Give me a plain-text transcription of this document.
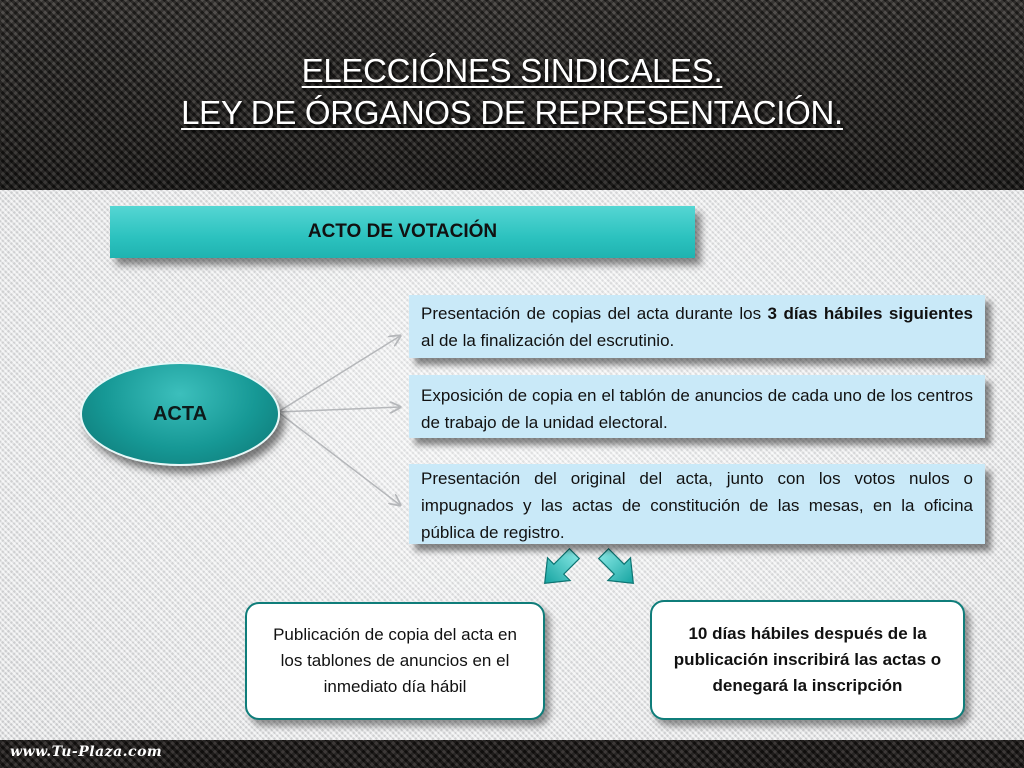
ELECCIÓNES SINDICALES.
LEY DE ÓRGANOS DE REPRESENTACIÓN.
ACTO DE VOTACIÓN
ACTA
Presentación de copias del acta durante los 3 días hábiles siguientes al de la finalización del escrutinio.
Exposición de copia en el tablón de anuncios de cada uno de los centros de trabajo de la unidad electoral.
Presentación del original del acta, junto con los votos nulos o impugnados y las actas de constitución de las mesas, en la oficina pública de registro.
Publicación de copia del acta en los tablones de anuncios en el inmediato día hábil
10 días hábiles después de la publicación inscribirá las actas o denegará la inscripción
www.Tu-Plaza.com
